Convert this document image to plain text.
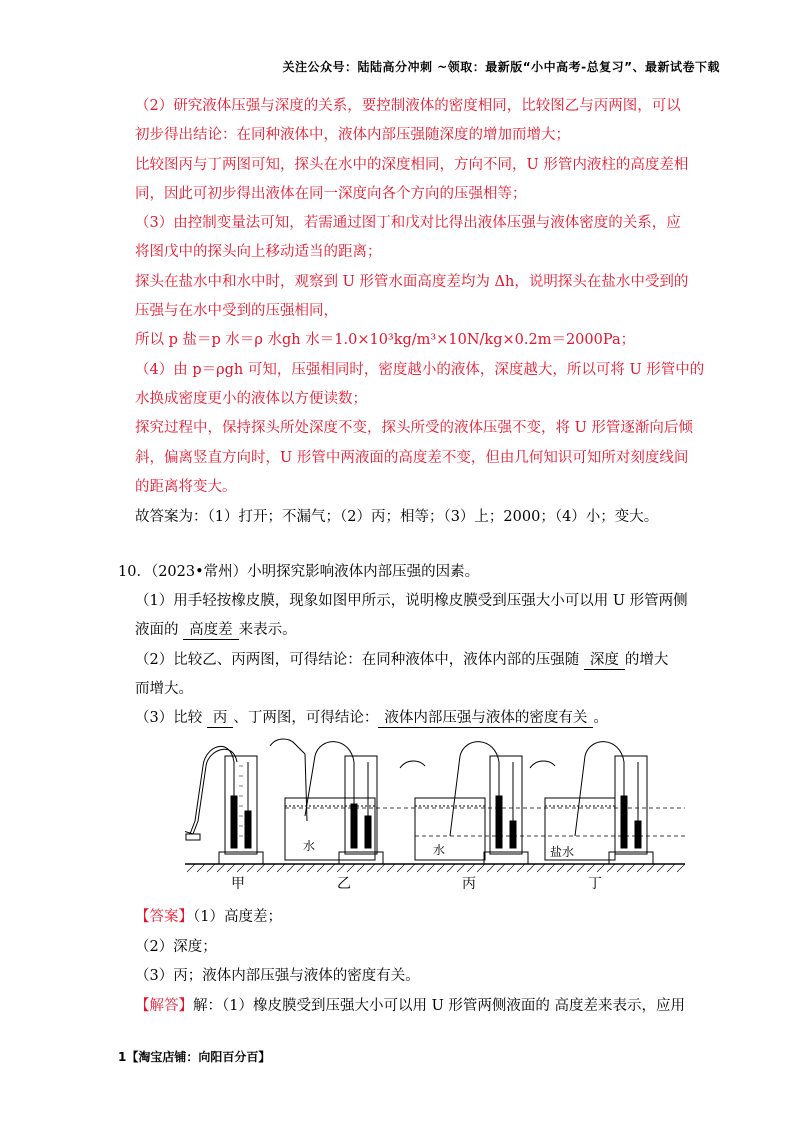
关注公众号：陆陆高分冲刺 ~领取：最新版“小中高考-总复习”、最新试卷下载
（2）研究液体压强与深度的关系，要控制液体的密度相同，比较图乙与丙两图，可以
初步得出结论：在同种液体中，液体内部压强随深度的增加而增大；
比较图丙与丁两图可知，探头在水中的深度相同，方向不同，U 形管内液柱的高度差相
同，因此可初步得出液体在同一深度向各个方向的压强相等；
（3）由控制变量法可知，若需通过图丁和戊对比得出液体压强与液体密度的关系，应
将图戊中的探头向上移动适当的距离；
探头在盐水中和水中时，观察到 U 形管水面高度差均为 Δh，说明探头在盐水中受到的
压强与在水中受到的压强相同，
所以 p 盐＝p 水＝ρ 水gh 水＝1.0×10³kg/m³×10N/kg×0.2m＝2000Pa；
（4）由 p＝ρgh 可知，压强相同时，密度越小的液体，深度越大，所以可将 U 形管中的
水换成密度更小的液体以方便读数；
探究过程中，保持探头所处深度不变，探头所受的液体压强不变，将 U 形管逐渐向后倾
斜，偏离竖直方向时，U 形管中两液面的高度差不变，但由几何知识可知所对刻度线间
的距离将变大。
故答案为：（1）打开；不漏气；（2）丙；相等；（3）上；2000；（4）小；变大。
10．（2023•常州）小明探究影响液体内部压强的因素。
（1）用手轻按橡皮膜，现象如图甲所示，说明橡皮膜受到压强大小可以用 U 形管两侧
液面的 高度差 来表示。
（2）比较乙、丙两图，可得结论：在同种液体中，液体内部的压强随 深度 的增大
而增大。
（3）比较 丙 、丁两图，可得结论： 液体内部压强与液体的密度有关 。
水	水	盐水
甲	乙	丙	丁
【答案】（1）高度差；
（2）深度；
（3）丙；液体内部压强与液体的密度有关。
【解答】解：（1）橡皮膜受到压强大小可以用 U 形管两侧液面的 高度差来表示，应用
1【淘宝店铺：向阳百分百】
